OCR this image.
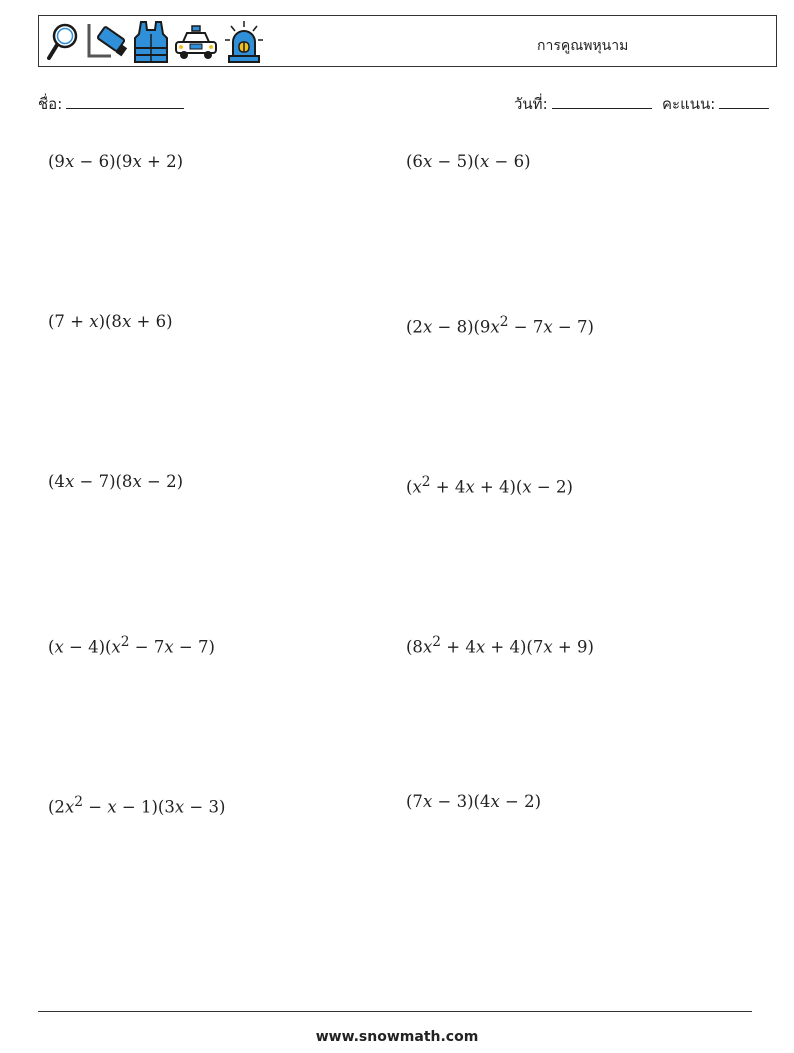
การคูณพหุนาม
ชื่อ:	วันที่:	คะแนน:
(9x − 6)(9x + 2)	(6x − 5)(x − 6)
(7 + x)(8x + 6)	$(2x - 8)(9x^2 - 7x - 7)$
(4x − 7)(8x − 2)	$(x^2 + 4x + 4)(x - 2)$
$(x - 4)(x^2 - 7x - 7)$	$(8x^2 + 4x + 4)(7x + 9)$
$(2x^2 - x - 1)(3x - 3)$	(7x − 3)(4x − 2)
www.snowmath.com
